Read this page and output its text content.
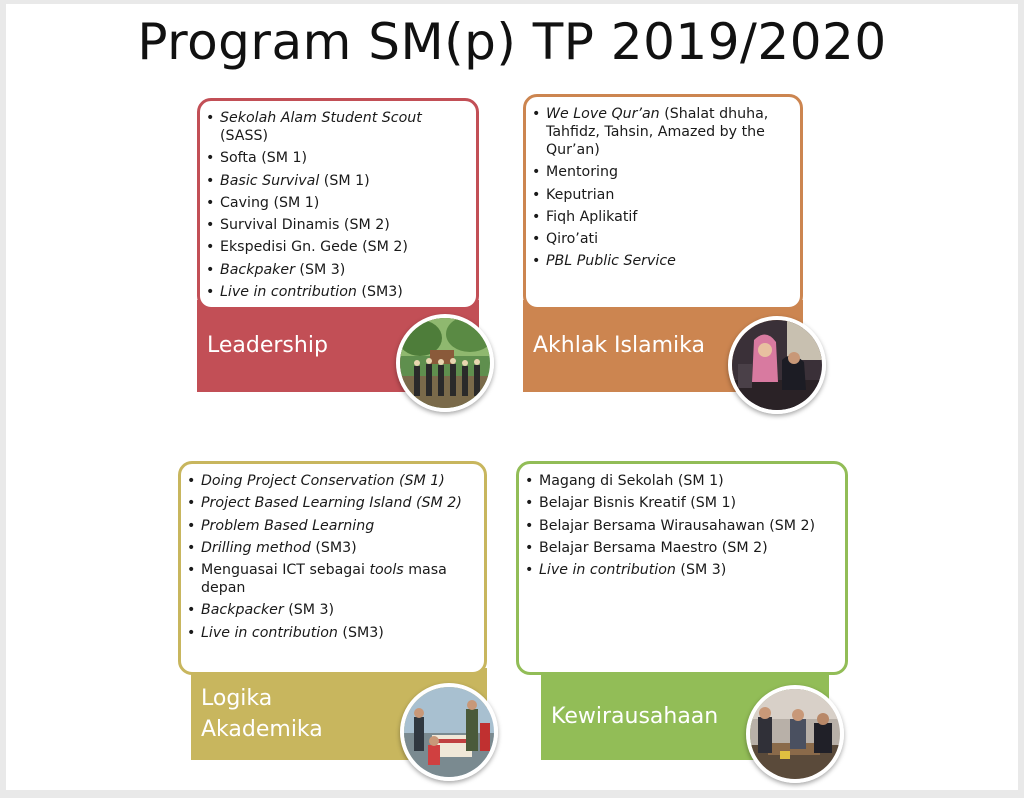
Program SM(p) TP 2019/2020
Leadership
• Sekolah Alam Student Scout (SASS)
• Softa (SM 1)
• Basic Survival (SM 1)
• Caving (SM 1)
• Survival Dinamis (SM 2)
• Ekspedisi Gn. Gede (SM 2)
• Backpaker (SM 3)
• Live in contribution (SM3)
Akhlak Islamika
• We Love Qur’an (Shalat dhuha, Tahfidz, Tahsin, Amazed by the Qur’an)
• Mentoring
• Keputrian
• Fiqh Aplikatif
• Qiro’ati
• PBL Public Service
Logika
Akademika
• Doing Project Conservation (SM 1)
• Project Based Learning Island (SM 2)
• Problem Based Learning
• Drilling method (SM3)
• Menguasai ICT sebagai tools masa depan
• Backpacker (SM 3)
• Live in contribution (SM3)
Kewirausahaan
• Magang di Sekolah (SM 1)
• Belajar Bisnis Kreatif (SM 1)
• Belajar Bersama Wirausahawan (SM 2)
• Belajar Bersama Maestro (SM 2)
• Live in contribution (SM 3)
